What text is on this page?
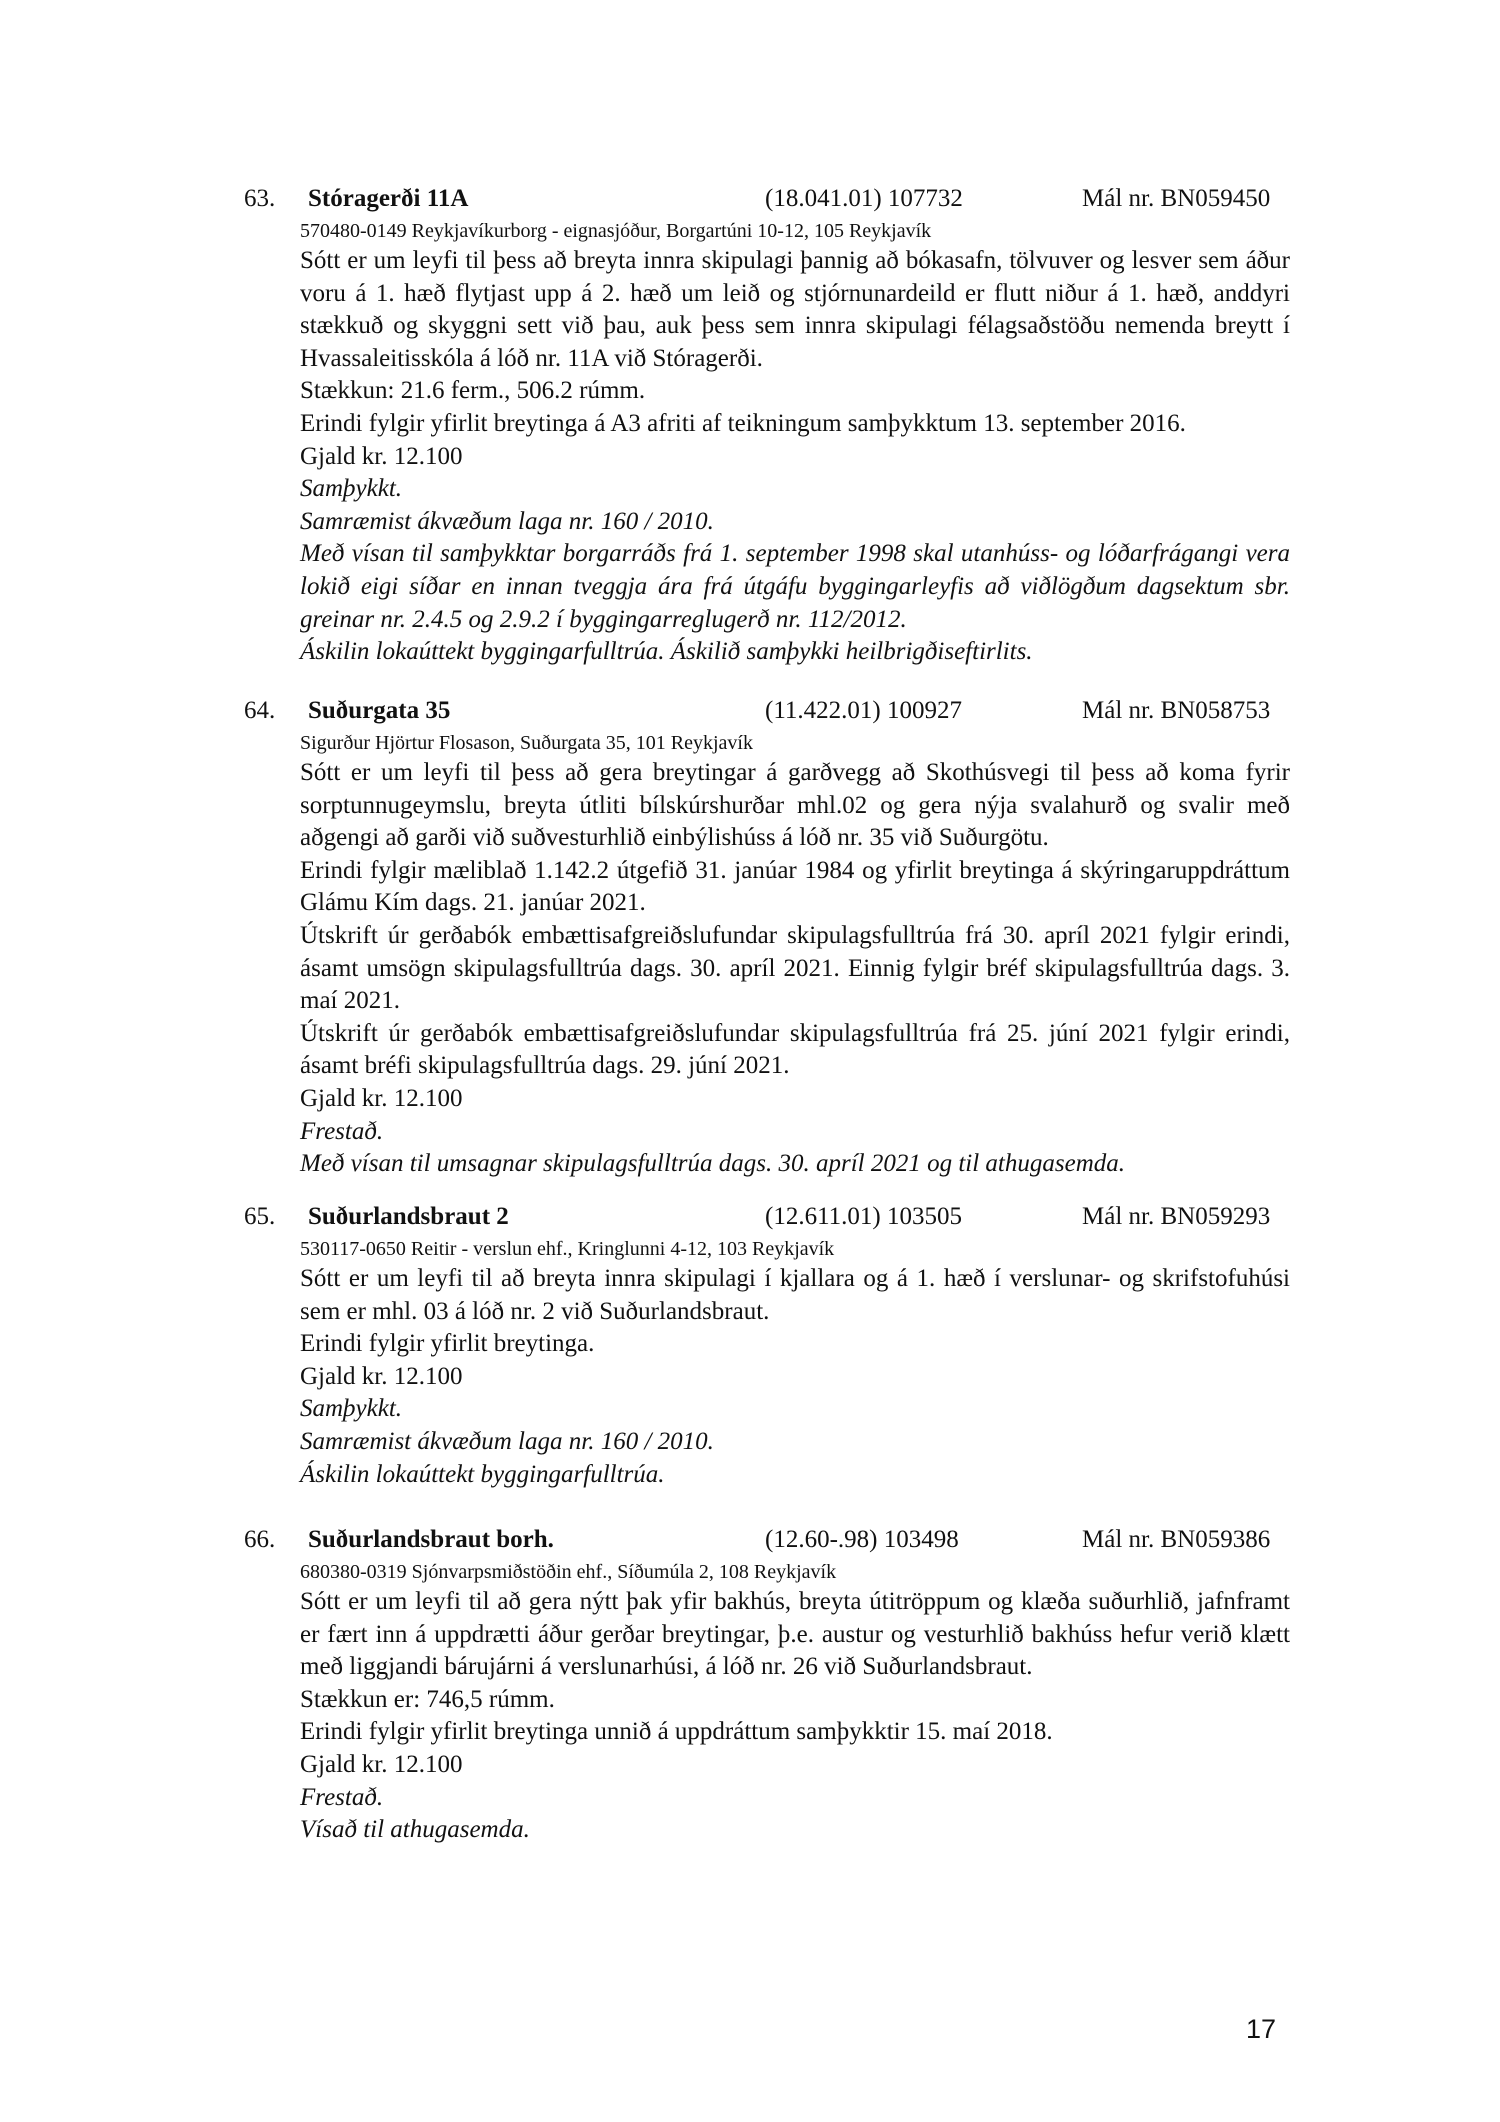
63. Stóragerði 11A	(18.041.01) 107732	Mál nr. BN059450
570480-0149 Reykjavíkurborg - eignasjóður, Borgartúni 10-12, 105 Reykjavík

Sótt er um leyfi til þess að breyta innra skipulagi þannig að bókasafn, tölvuver og lesver sem áður voru á 1. hæð flytjast upp á 2. hæð um leið og stjórnunardeild er flutt niður á 1. hæð, anddyri stækkuð og skyggni sett við þau, auk þess sem innra skipulagi félagsaðstöðu nemenda breytt í Hvassaleitisskóla á lóð nr. 11A við Stóragerði.

Stækkun: 21.6 ferm., 506.2 rúmm.
Erindi fylgir yfirlit breytinga á A3 afriti af teikningum samþykktum 13. september 2016.
Gjald kr. 12.100
Samþykkt.
Samræmist ákvæðum laga nr. 160 / 2010.

Með vísan til samþykktar borgarráðs frá 1. september 1998 skal utanhúss- og lóðarfrágangi vera lokið eigi síðar en innan tveggja ára frá útgáfu byggingarleyfis að viðlögðum dagsektum sbr. greinar nr. 2.4.5 og 2.9.2 í byggingarreglugerð nr. 112/2012.

Áskilin lokaúttekt byggingarfulltrúa. Áskilið samþykki heilbrigðiseftirlits.
64. Suðurgata 35	(11.422.01) 100927	Mál nr. BN058753
Sigurður Hjörtur Flosason, Suðurgata 35, 101 Reykjavík

Sótt er um leyfi til þess að gera breytingar á garðvegg að Skothúsvegi til þess að koma fyrir sorptunnugeymslu, breyta útliti bílskúrshurðar mhl.02 og gera nýja svalahurð og svalir með aðgengi að garði við suðvesturhlið einbýlishúss á lóð nr. 35 við Suðurgötu.

Erindi fylgir mæliblað 1.142.2 útgefið 31. janúar 1984 og yfirlit breytinga á skýringaruppdráttum Glámu Kím dags. 21. janúar 2021.

Útskrift úr gerðabók embættisafgreiðslufundar skipulagsfulltrúa frá 30. apríl 2021 fylgir erindi, ásamt umsögn skipulagsfulltrúa dags. 30. apríl 2021. Einnig fylgir bréf skipulagsfulltrúa dags. 3. maí 2021.

Útskrift úr gerðabók embættisafgreiðslufundar skipulagsfulltrúa frá 25. júní 2021 fylgir erindi, ásamt bréfi skipulagsfulltrúa dags. 29. júní 2021.

Gjald kr. 12.100
Frestað.
Með vísan til umsagnar skipulagsfulltrúa dags. 30. apríl 2021 og til athugasemda.
65. Suðurlandsbraut 2	(12.611.01) 103505	Mál nr. BN059293
530117-0650 Reitir - verslun ehf., Kringlunni 4-12, 103 Reykjavík

Sótt er um leyfi til að breyta innra skipulagi í kjallara og á 1. hæð í verslunar- og skrifstofuhúsi sem er mhl. 03 á lóð nr. 2 við Suðurlandsbraut.

Erindi fylgir yfirlit breytinga.
Gjald kr. 12.100
Samþykkt.
Samræmist ákvæðum laga nr. 160 / 2010.
Áskilin lokaúttekt byggingarfulltrúa.
66. Suðurlandsbraut borh.	(12.60-.98) 103498	Mál nr. BN059386
680380-0319 Sjónvarpsmiðstöðin ehf., Síðumúla 2, 108 Reykjavík

Sótt er um leyfi til að gera nýtt þak yfir bakhús, breyta útitröppum og klæða suðurhlið, jafnframt er fært inn á uppdrætti áður gerðar breytingar, þ.e. austur og vesturhlið bakhúss hefur verið klætt með liggjandi bárujárni á verslunarhúsi, á lóð nr. 26 við Suðurlandsbraut.

Stækkun er: 746,5 rúmm.
Erindi fylgir yfirlit breytinga unnið á uppdráttum samþykktir 15. maí 2018.
Gjald kr. 12.100
Frestað.
Vísað til athugasemda.
17
